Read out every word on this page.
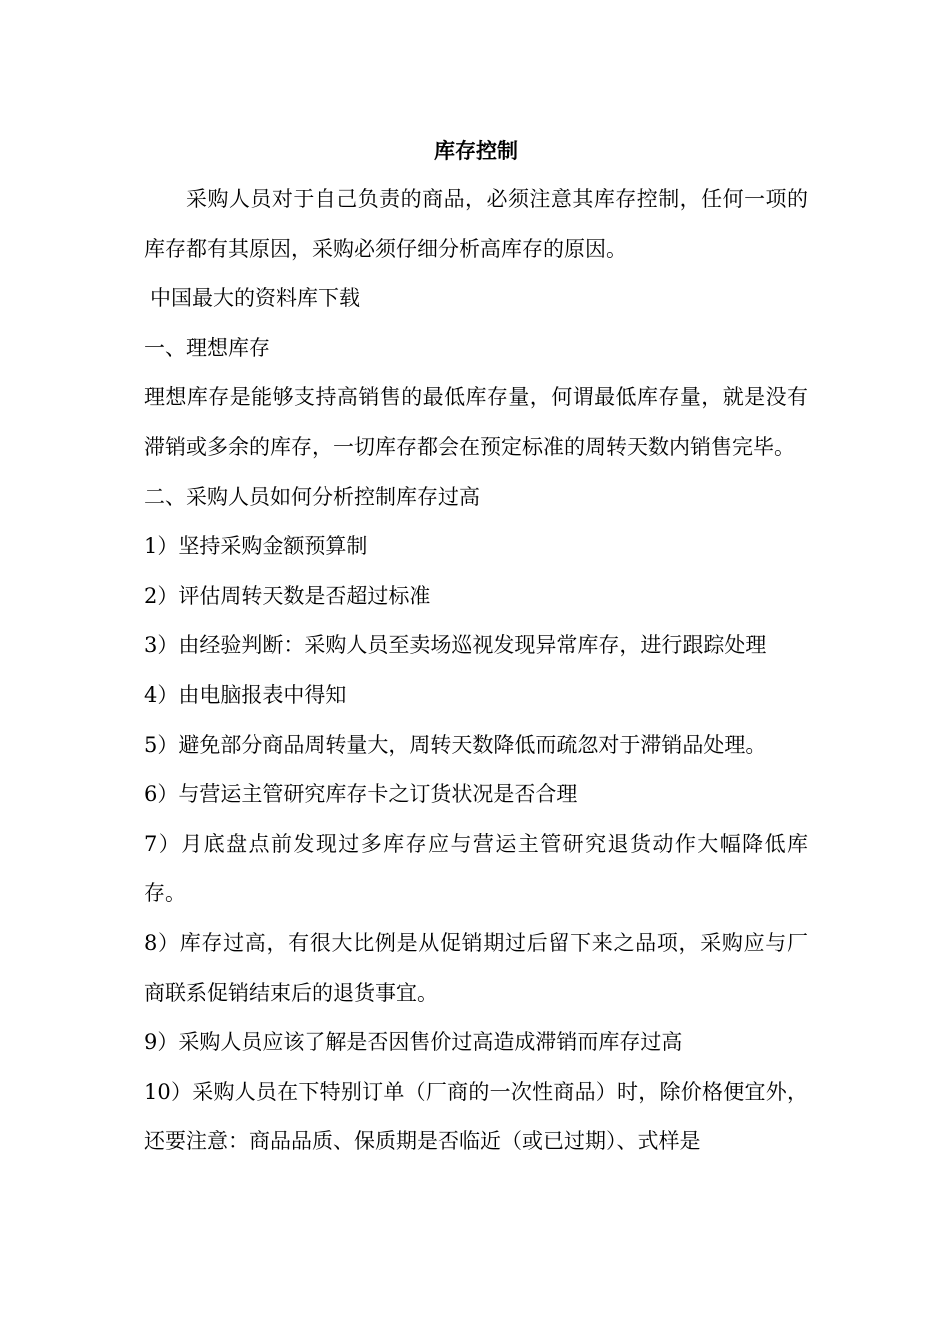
库存控制

采购人员对于自己负责的商品，必须注意其库存控制，任何一项的库存都有其原因，采购必须仔细分析高库存的原因。

中国最大的资料库下载

一、理想库存

理想库存是能够支持高销售的最低库存量，何谓最低库存量，就是没有滞销或多余的库存，一切库存都会在预定标准的周转天数内销售完毕。

二、采购人员如何分析控制库存过高

1）坚持采购金额预算制

2）评估周转天数是否超过标准

3）由经验判断：采购人员至卖场巡视发现异常库存，进行跟踪处理

4）由电脑报表中得知

5）避免部分商品周转量大，周转天数降低而疏忽对于滞销品处理。

6）与营运主管研究库存卡之订货状况是否合理

7）月底盘点前发现过多库存应与营运主管研究退货动作大幅降低库存。

8）库存过高，有很大比例是从促销期过后留下来之品项，采购应与厂商联系促销结束后的退货事宜。

9）采购人员应该了解是否因售价过高造成滞销而库存过高

10）采购人员在下特别订单（厂商的一次性商品）时，除价格便宜外，还要注意：商品品质、保质期是否临近（或已过期）、式样是
